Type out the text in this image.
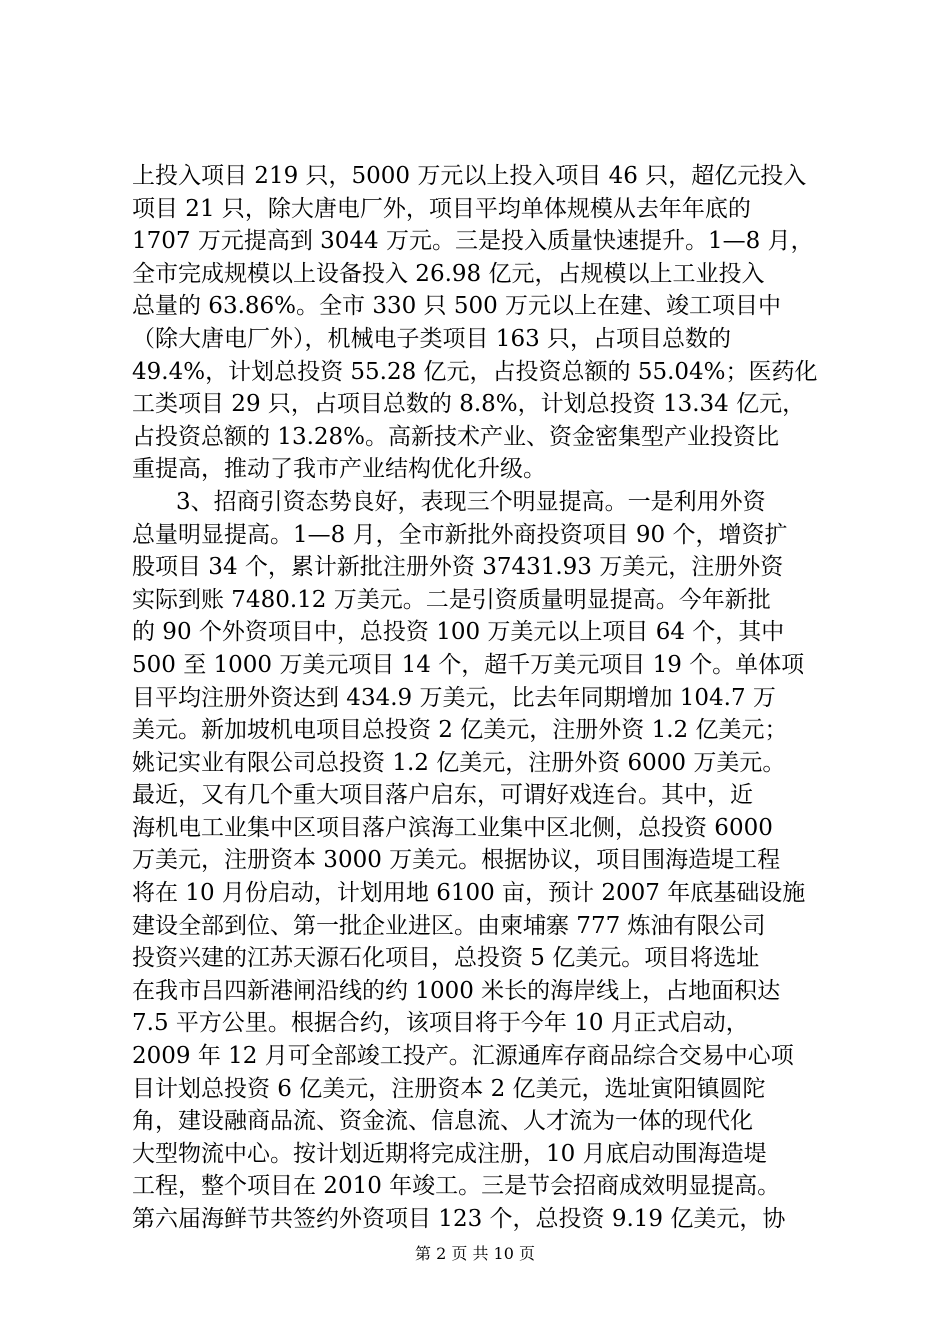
上投入项目 219 只，5000 万元以上投入项目 46 只，超亿元投入
项目 21 只，除大唐电厂外，项目平均单体规模从去年年底的
1707 万元提高到 3044 万元。三是投入质量快速提升。1—8 月，
全市完成规模以上设备投入 26.98 亿元，占规模以上工业投入
总量的 63.86%。全市 330 只 500 万元以上在建、竣工项目中
（除大唐电厂外），机械电子类项目 163 只，占项目总数的
49.4%，计划总投资 55.28 亿元，占投资总额的 55.04%；医药化
工类项目 29 只，占项目总数的 8.8%，计划总投资 13.34 亿元，
占投资总额的 13.28%。高新技术产业、资金密集型产业投资比
重提高，推动了我市产业结构优化升级。
3、招商引资态势良好，表现三个明显提高。一是利用外资
总量明显提高。1—8 月，全市新批外商投资项目 90 个，增资扩
股项目 34 个，累计新批注册外资 37431.93 万美元，注册外资
实际到账 7480.12 万美元。二是引资质量明显提高。今年新批
的 90 个外资项目中，总投资 100 万美元以上项目 64 个，其中
500 至 1000 万美元项目 14 个，超千万美元项目 19 个。单体项
目平均注册外资达到 434.9 万美元，比去年同期增加 104.7 万
美元。新加坡机电项目总投资 2 亿美元，注册外资 1.2 亿美元；
姚记实业有限公司总投资 1.2 亿美元，注册外资 6000 万美元。
最近，又有几个重大项目落户启东，可谓好戏连台。其中，近
海机电工业集中区项目落户滨海工业集中区北侧，总投资 6000
万美元，注册资本 3000 万美元。根据协议，项目围海造堤工程
将在 10 月份启动，计划用地 6100 亩，预计 2007 年底基础设施
建设全部到位、第一批企业进区。由柬埔寨 777 炼油有限公司
投资兴建的江苏天源石化项目，总投资 5 亿美元。项目将选址
在我市吕四新港闸沿线的约 1000 米长的海岸线上，占地面积达
7.5 平方公里。根据合约，该项目将于今年 10 月正式启动，
2009 年 12 月可全部竣工投产。汇源通库存商品综合交易中心项
目计划总投资 6 亿美元，注册资本 2 亿美元，选址寅阳镇圆陀
角，建设融商品流、资金流、信息流、人才流为一体的现代化
大型物流中心。按计划近期将完成注册，10 月底启动围海造堤
工程，整个项目在 2010 年竣工。三是节会招商成效明显提高。
第六届海鲜节共签约外资项目 123 个，总投资 9.19 亿美元，协
第 2 页 共 10 页
